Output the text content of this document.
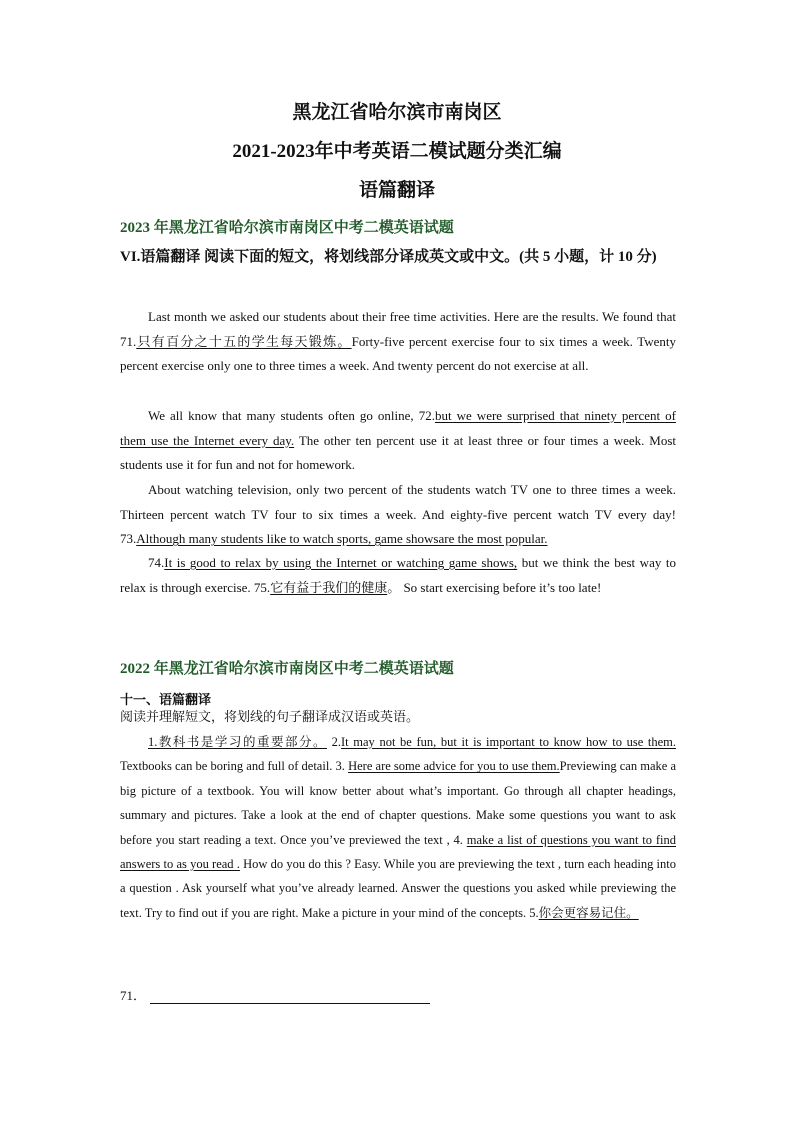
黑龙江省哈尔滨市南岗区
2021-2023年中考英语二模试题分类汇编
语篇翻译
2023 年黑龙江省哈尔滨市南岗区中考二模英语试题
VI.语篇翻译 阅读下面的短文，将划线部分译成英文或中文。(共 5 小题，计 10 分)
Last month we asked our students about their free time activities. Here are the results. We found that 71.只有百分之十五的学生每天锻炼。Forty-five percent exercise four to six times a week. Twenty percent exercise only one to three times a week. And twenty percent do not exercise at all.
We all know that many students often go online, 72.but we were surprised that ninety percent of them use the Internet every day. The other ten percent use it at least three or four times a week. Most students use it for fun and not for homework.
About watching television, only two percent of the students watch TV one to three times a week. Thirteen percent watch TV four to six times a week. And eighty-five percent watch TV every day! 73.Although many students like to watch sports, game showsare the most popular.
74.It is good to relax by using the Internet or watching game shows, but we think the best way to relax is through exercise. 75.它有益于我们的健康。 So start exercising before it’s too late!
2022 年黑龙江省哈尔滨市南岗区中考二模英语试题
十一、语篇翻译
阅读并理解短文，将划线的句子翻译成汉语或英语。
1.教科书是学习的重要部分。 2.It may not be fun, but it is important to know how to use them. Textbooks can be boring and full of detail. 3. Here are some advice for you to use them.Previewing can make a big picture of a textbook. You will know better about what’s important. Go through all chapter headings, summary and pictures. Take a look at the end of chapter questions. Make some questions you want to ask before you start reading a text. Once you’ve previewed the text , 4. make a list of questions you want to find answers to as you read . How do you do this ? Easy. While you are previewing the text , turn each heading into a question . Ask yourself what you’ve already learned. Answer the questions you asked while previewing the text. Try to find out if you are right. Make a picture in your mind of the concepts. 5.你会更容易记住。
71．
